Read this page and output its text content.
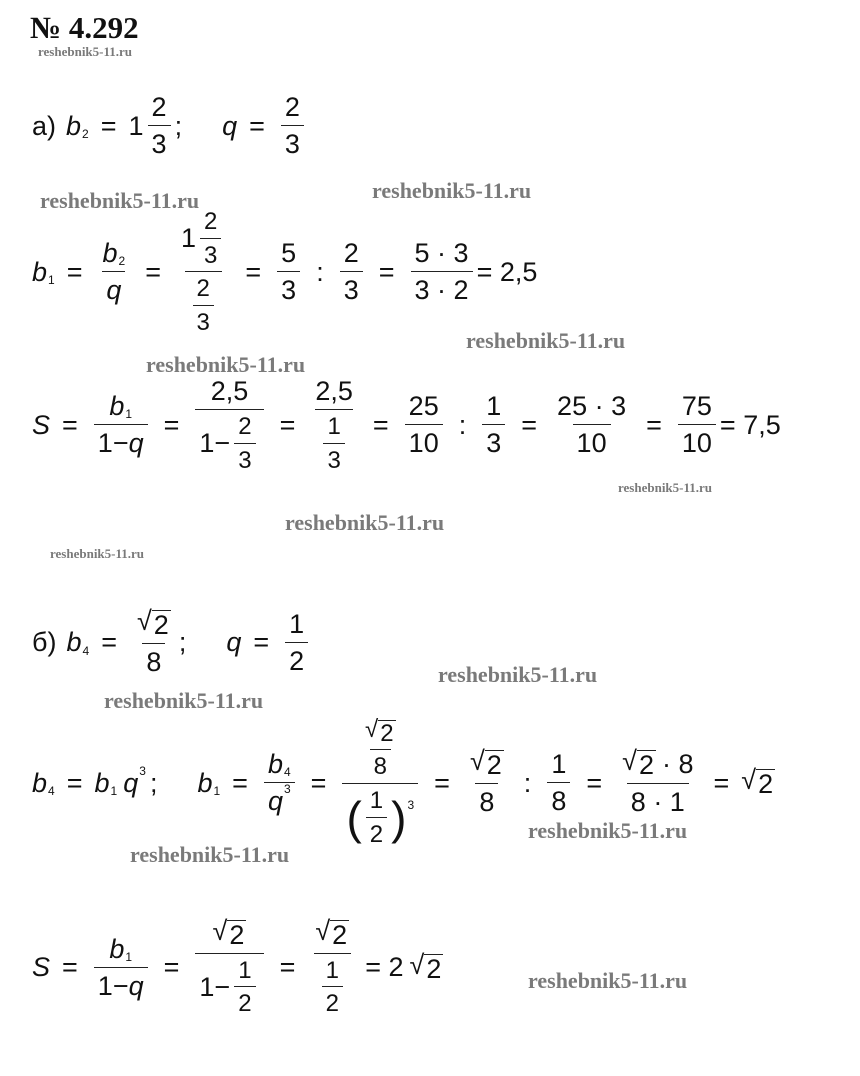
№ 4.292
reshebnik5-11.ru
reshebnik5-11.ru	reshebnik5-11.ru
reshebnik5-11.ru
reshebnik5-11.ru
reshebnik5-11.ru
reshebnik5-11.ru
reshebnik5-11.ru
reshebnik5-11.ru
reshebnik5-11.ru
reshebnik5-11.ru
reshebnik5-11.ru
reshebnik5-11.ru
а) b $2 = 1 \frac{2}{3}$ ; $q = \frac{2}{3}$
b $1 = \frac{b 2}{q} = \frac{1 \frac{2}{3}}{\frac{2}{3}} = \frac{5}{3}$ : $\frac{2}{3} = \frac{5 \cdot 3}{3 \cdot 2} = 2,5$
$S = \frac{b 1}{1- q} = \frac{2,5}{1- \frac{2}{3}} = \frac{2,5}{\frac{1}{3}} = \frac{25}{10}$ : $\frac{1}{3} = \frac{25 \cdot 3}{10} = \frac{75}{10} = 7,5$
б) b $4 = \frac{√ 2}{8}$ ; $q = \frac{1}{2}$
b 4 = b 1 q 3 ; b $1 = \frac{b 4}{q 3} = \frac{\frac{√ 2}{8}}{( \frac{1}{2} ) 3} = \frac{√ 2}{8}$ : $\frac{1}{8} = \frac{√ 2 \cdot 8}{8 \cdot 1}$ = √ 2
$S = \frac{b 1}{1- q} = \frac{√ 2}{1- \frac{1}{2}} = \frac{√ 2}{\frac{1}{2}} = 2$ √ 2
